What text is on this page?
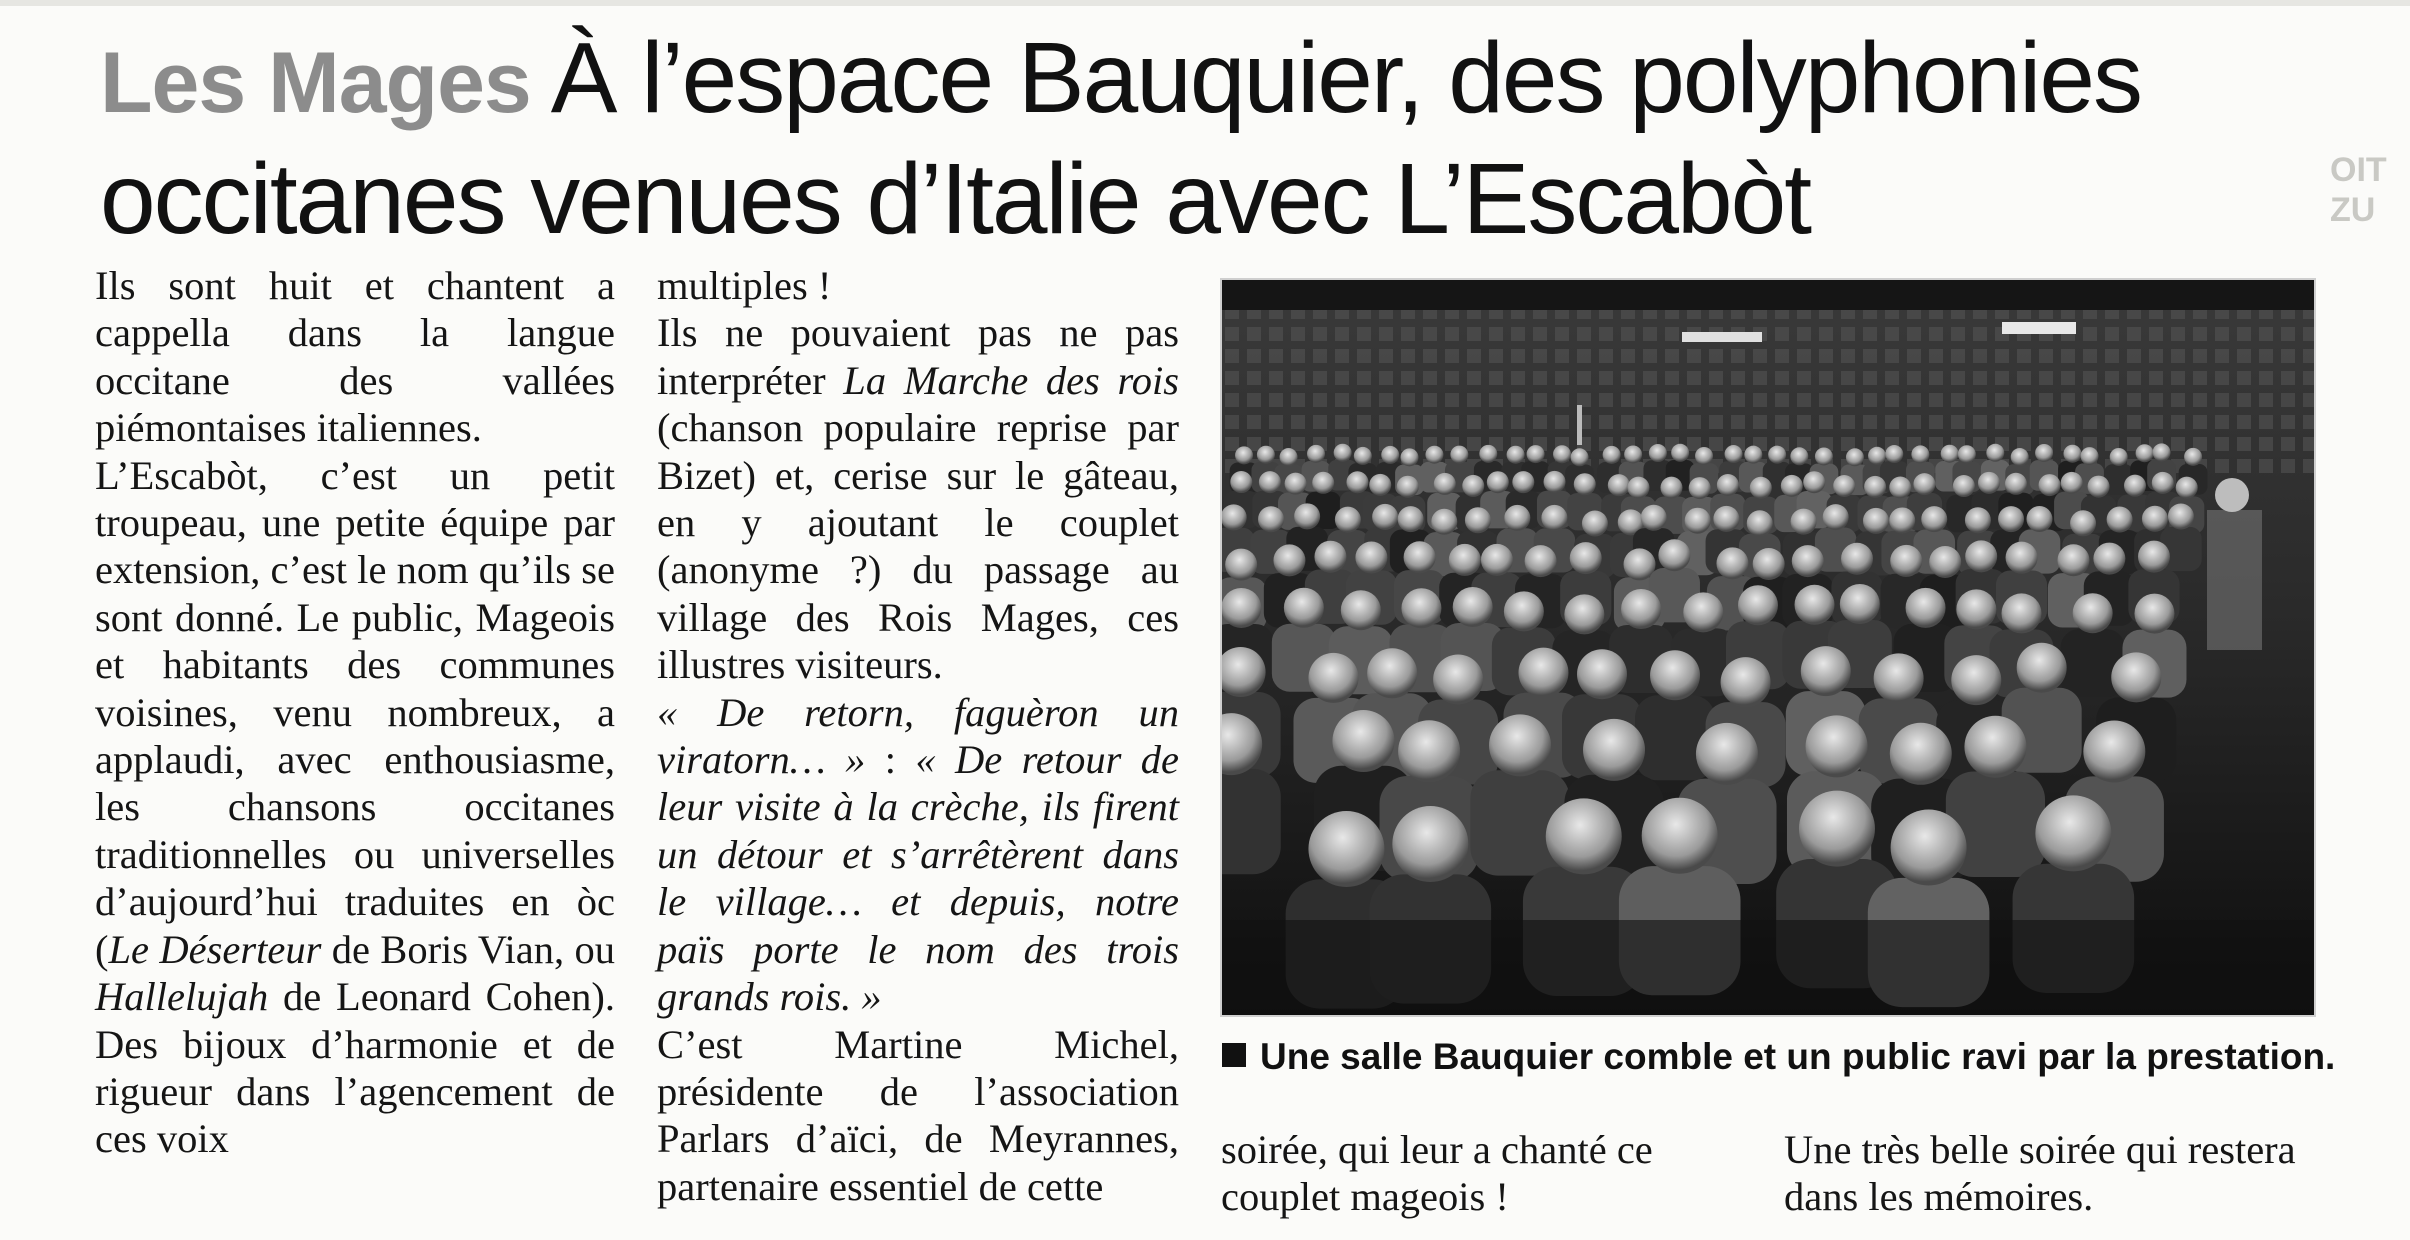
Les Mages À l’espace Bauquier, des polyphonies occitanes venues d’Italie avec L’Escabòt

Ils sont huit et chantent a cappella dans la langue occitane des vallées piémontaises italiennes.

L’Escabòt, c’est un petit troupeau, une petite équipe par extension, c’est le nom qu’ils se sont donné. Le public, Mageois et habitants des communes voisines, venu nombreux, a applaudi, avec enthousiasme, les chansons occitanes traditionnelles ou universelles d’aujourd’hui traduites en òc (Le Déserteur de Boris Vian, ou Hallelujah de Leonard Cohen). Des bijoux d’harmonie et de rigueur dans l’agencement de ces voix

multiples !

Ils ne pouvaient pas ne pas interpréter La Marche des rois (chanson populaire reprise par Bizet) et, cerise sur le gâteau, en y ajoutant le couplet (anonyme ?) du passage au village des Rois Mages, ces illustres visiteurs.

« De retorn, faguèron un viratorn… » : « De retour de leur visite à la crèche, ils firent un détour et s’arrêtèrent dans le village… et depuis, notre païs porte le nom des trois grands rois. »

C’est Martine Michel, présidente de l’association Parlars d’aïci, de Meyrannes, partenaire essentiel de cette

Une salle Bauquier comble et un public ravi par la prestation.

soirée, qui leur a chanté ce couplet mageois !

Une très belle soirée qui restera dans les mémoires.

OIT
ZU
